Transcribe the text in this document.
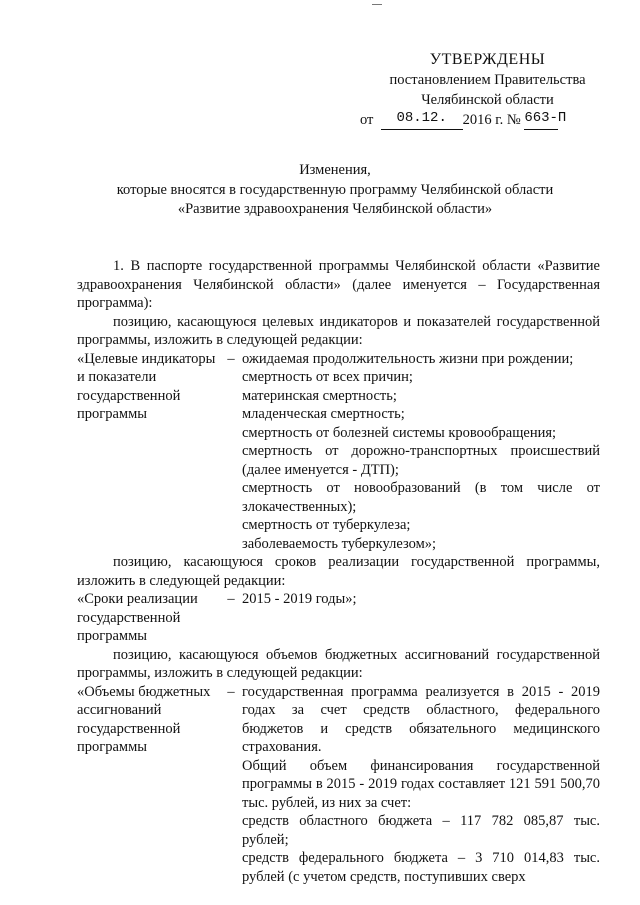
УТВЕРЖДЕНЫ
постановлением Правительства
Челябинской области
от
	08.12.	2016 г. №
663-П
Изменения,
которые вносятся в государственную программу Челябинской области
«Развитие здравоохранения Челябинской области»

1. В паспорте государственной программы Челябинской области «Развитие здравоохранения Челябинской области» (далее именуется – Государственная программа):

позицию, касающуюся целевых индикаторов и показателей государственной программы, изложить в следующей редакции:

«Целевые индикаторы и показатели государственной программы
– ожидаемая продолжительность жизни при рождении;
смертность от всех причин;
материнская смертность;
младенческая смертность;
смертность от болезней системы кровообращения;
смертность от дорожно-транспортных происшествий (далее именуется - ДТП);
смертность от новообразований (в том числе от злокачественных);
смертность от туберкулеза;
заболеваемость туберкулезом»;

позицию, касающуюся сроков реализации государственной программы, изложить в следующей редакции:

«Сроки реализации государственной программы
– 2015 - 2019 годы»;

позицию, касающуюся объемов бюджетных ассигнований государственной программы, изложить в следующей редакции:

«Объемы бюджетных ассигнований государственной программы
– государственная программа реализуется в 2015 - 2019 годах за счет средств областного, федерального бюджетов и средств обязательного медицинского страхования.
Общий объем финансирования государственной программы в 2015 - 2019 годах составляет 121 591 500,70 тыс. рублей, из них за счет:
средств областного бюджета – 117 782 085,87 тыс. рублей;
средств федерального бюджета – 3 710 014,83 тыс. рублей (с учетом средств, поступивших сверх
